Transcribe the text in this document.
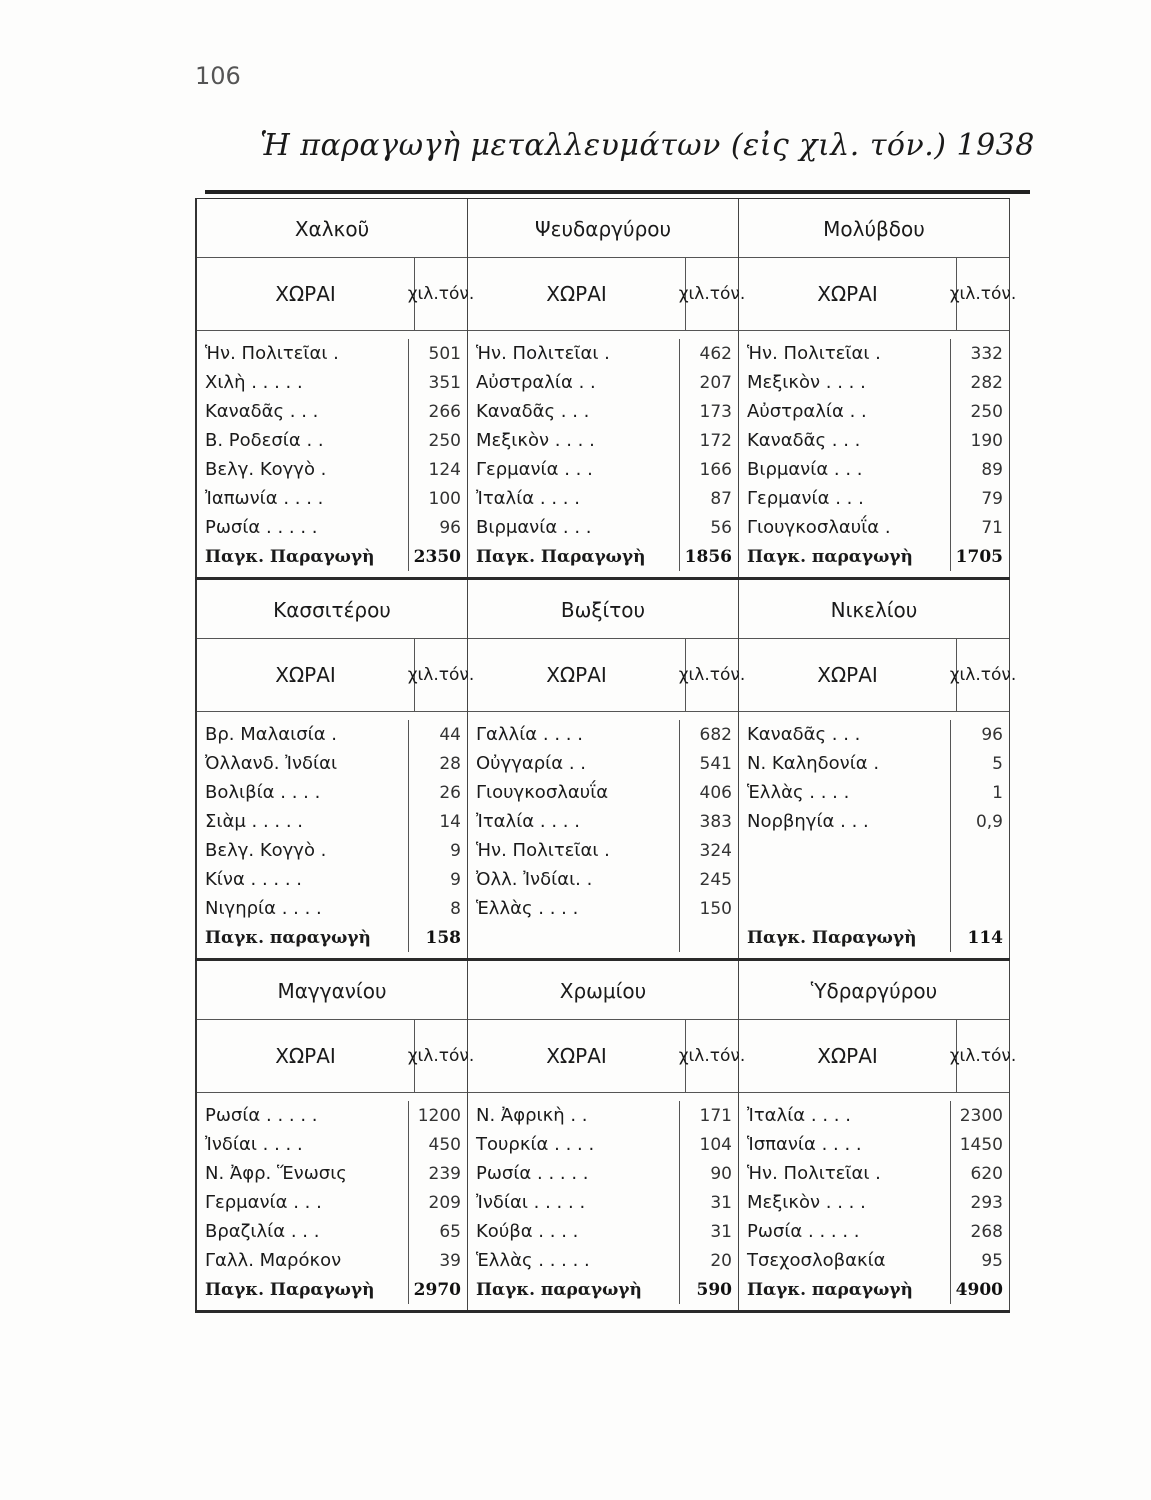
106
Ἡ παραγωγὴ μεταλλευμάτων (εἰς χιλ. τόν.) 1938
Χαλκοῦ
ΧΩΡΑΙ	χιλ. τόν.
Ἡν. Πολιτεῖαι .	501
Χιλὴ . . . . .	351
Καναδᾶς . . .	266
Β. Ροδεσία . .	250
Βελγ. Κογγὸ .	124
Ἰαπωνία . . . .	100
Ρωσία . . . . .	96
Παγκ. Παραγωγὴ	2350
Ψευδαργύρου
ΧΩΡΑΙ	χιλ. τόν.
Ἡν. Πολιτεῖαι .	462
Αὐστραλία . .	207
Καναδᾶς . . .	173
Μεξικὸν . . . .	172
Γερμανία . . .	166
Ἰταλία . . . .	87
Βιρμανία . . .	56
Παγκ. Παραγωγὴ	1856
Μολύβδου
ΧΩΡΑΙ	χιλ. τόν.
Ἡν. Πολιτεῖαι .	332
Μεξικὸν . . . .	282
Αὐστραλία . .	250
Καναδᾶς . . .	190
Βιρμανία . . .	89
Γερμανία . . .	79
Γιουγκοσλαυΐα .	71
Παγκ. παραγωγὴ	1705
Κασσιτέρου
ΧΩΡΑΙ	χιλ. τόν.
Βρ. Μαλαισία .	44
Ὀλλανδ. Ἰνδίαι	28
Βολιβία . . . .	26
Σιὰμ . . . . .	14
Βελγ. Κογγὸ .	9
Κίνα . . . . .	9
Νιγηρία . . . .	8
Παγκ. παραγωγὴ	158
Βωξίτου
ΧΩΡΑΙ	χιλ. τόν.
Γαλλία . . . .	682
Οὐγγαρία . .	541
Γιουγκοσλαυΐα	406
Ἰταλία . . . .	383
Ἡν. Πολιτεῖαι .	324
Ὀλλ. Ἰνδίαι. .	245
Ἑλλὰς . . . .	150
Νικελίου
ΧΩΡΑΙ	χιλ. τόν.
Καναδᾶς . . .	96
Ν. Καληδονία .	5
Ἑλλὰς . . . .	1
Νορβηγία . . .	0,9
Παγκ. Παραγωγὴ	114
Μαγγανίου
ΧΩΡΑΙ	χιλ. τόν.
Ρωσία . . . . .	1200
Ἰνδίαι . . . .	450
Ν. Ἀφρ. Ἕνωσις	239
Γερμανία . . .	209
Βραζιλία . . .	65
Γαλλ. Μαρόκον	39
Παγκ. Παραγωγὴ	2970
Χρωμίου
ΧΩΡΑΙ	χιλ. τόν.
Ν. Ἀφρικὴ . .	171
Τουρκία . . . .	104
Ρωσία . . . . .	90
Ἰνδίαι . . . . .	31
Κούβα . . . .	31
Ἑλλὰς . . . . .	20
Παγκ. παραγωγὴ	590
Ὑδραργύρου
ΧΩΡΑΙ	χιλ. τόν.
Ἰταλία . . . .	2300
Ἱσπανία . . . .	1450
Ἡν. Πολιτεῖαι .	620
Μεξικὸν . . . .	293
Ρωσία . . . . .	268
Τσεχοσλοβακία	95
Παγκ. παραγωγὴ	4900
